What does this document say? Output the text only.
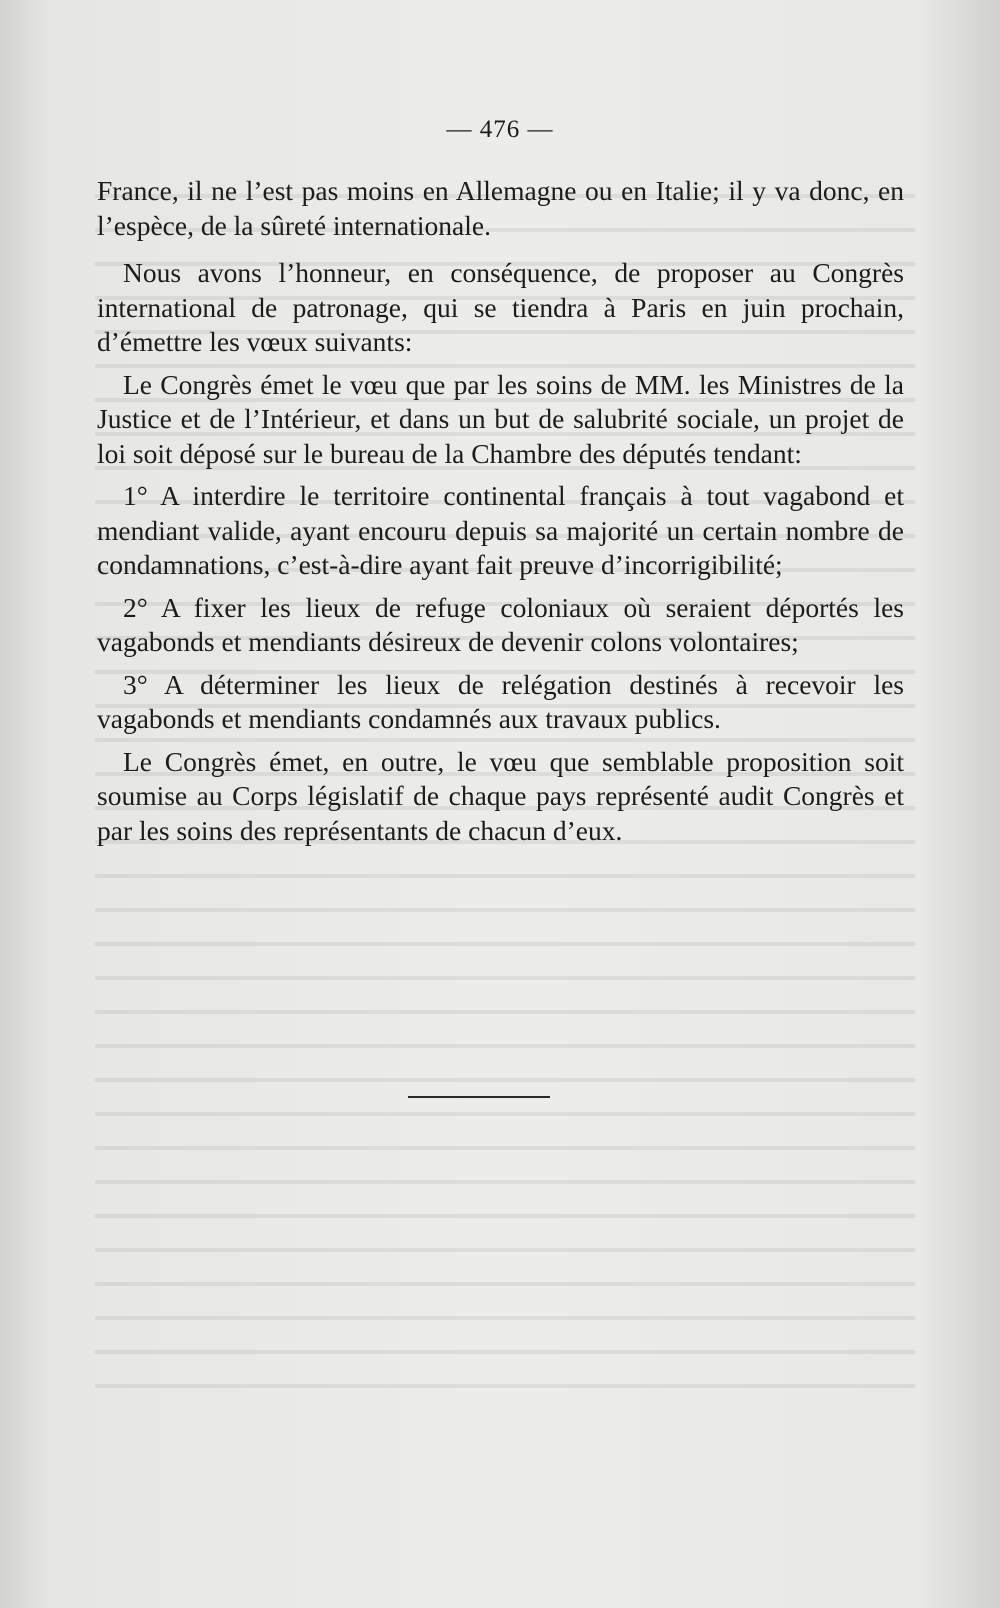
— 476 —

France, il ne l’est pas moins en Allemagne ou en Italie; il y va donc, en l’espèce, de la sûreté internationale.

Nous avons l’honneur, en conséquence, de proposer au Congrès international de patronage, qui se tiendra à Paris en juin prochain, d’émettre les vœux suivants:

Le Congrès émet le vœu que par les soins de MM. les Ministres de la Justice et de l’Intérieur, et dans un but de salubrité sociale, un projet de loi soit déposé sur le bureau de la Chambre des députés tendant:

1° A interdire le territoire continental français à tout vagabond et mendiant valide, ayant encouru depuis sa majorité un certain nombre de condamnations, c’est-à-dire ayant fait preuve d’incorrigibilité;

2° A fixer les lieux de refuge coloniaux où seraient déportés les vagabonds et mendiants désireux de devenir colons volontaires;

3° A déterminer les lieux de relégation destinés à recevoir les vagabonds et mendiants condamnés aux travaux publics.

Le Congrès émet, en outre, le vœu que semblable proposition soit soumise au Corps législatif de chaque pays représenté audit Congrès et par les soins des représentants de chacun d’eux.
